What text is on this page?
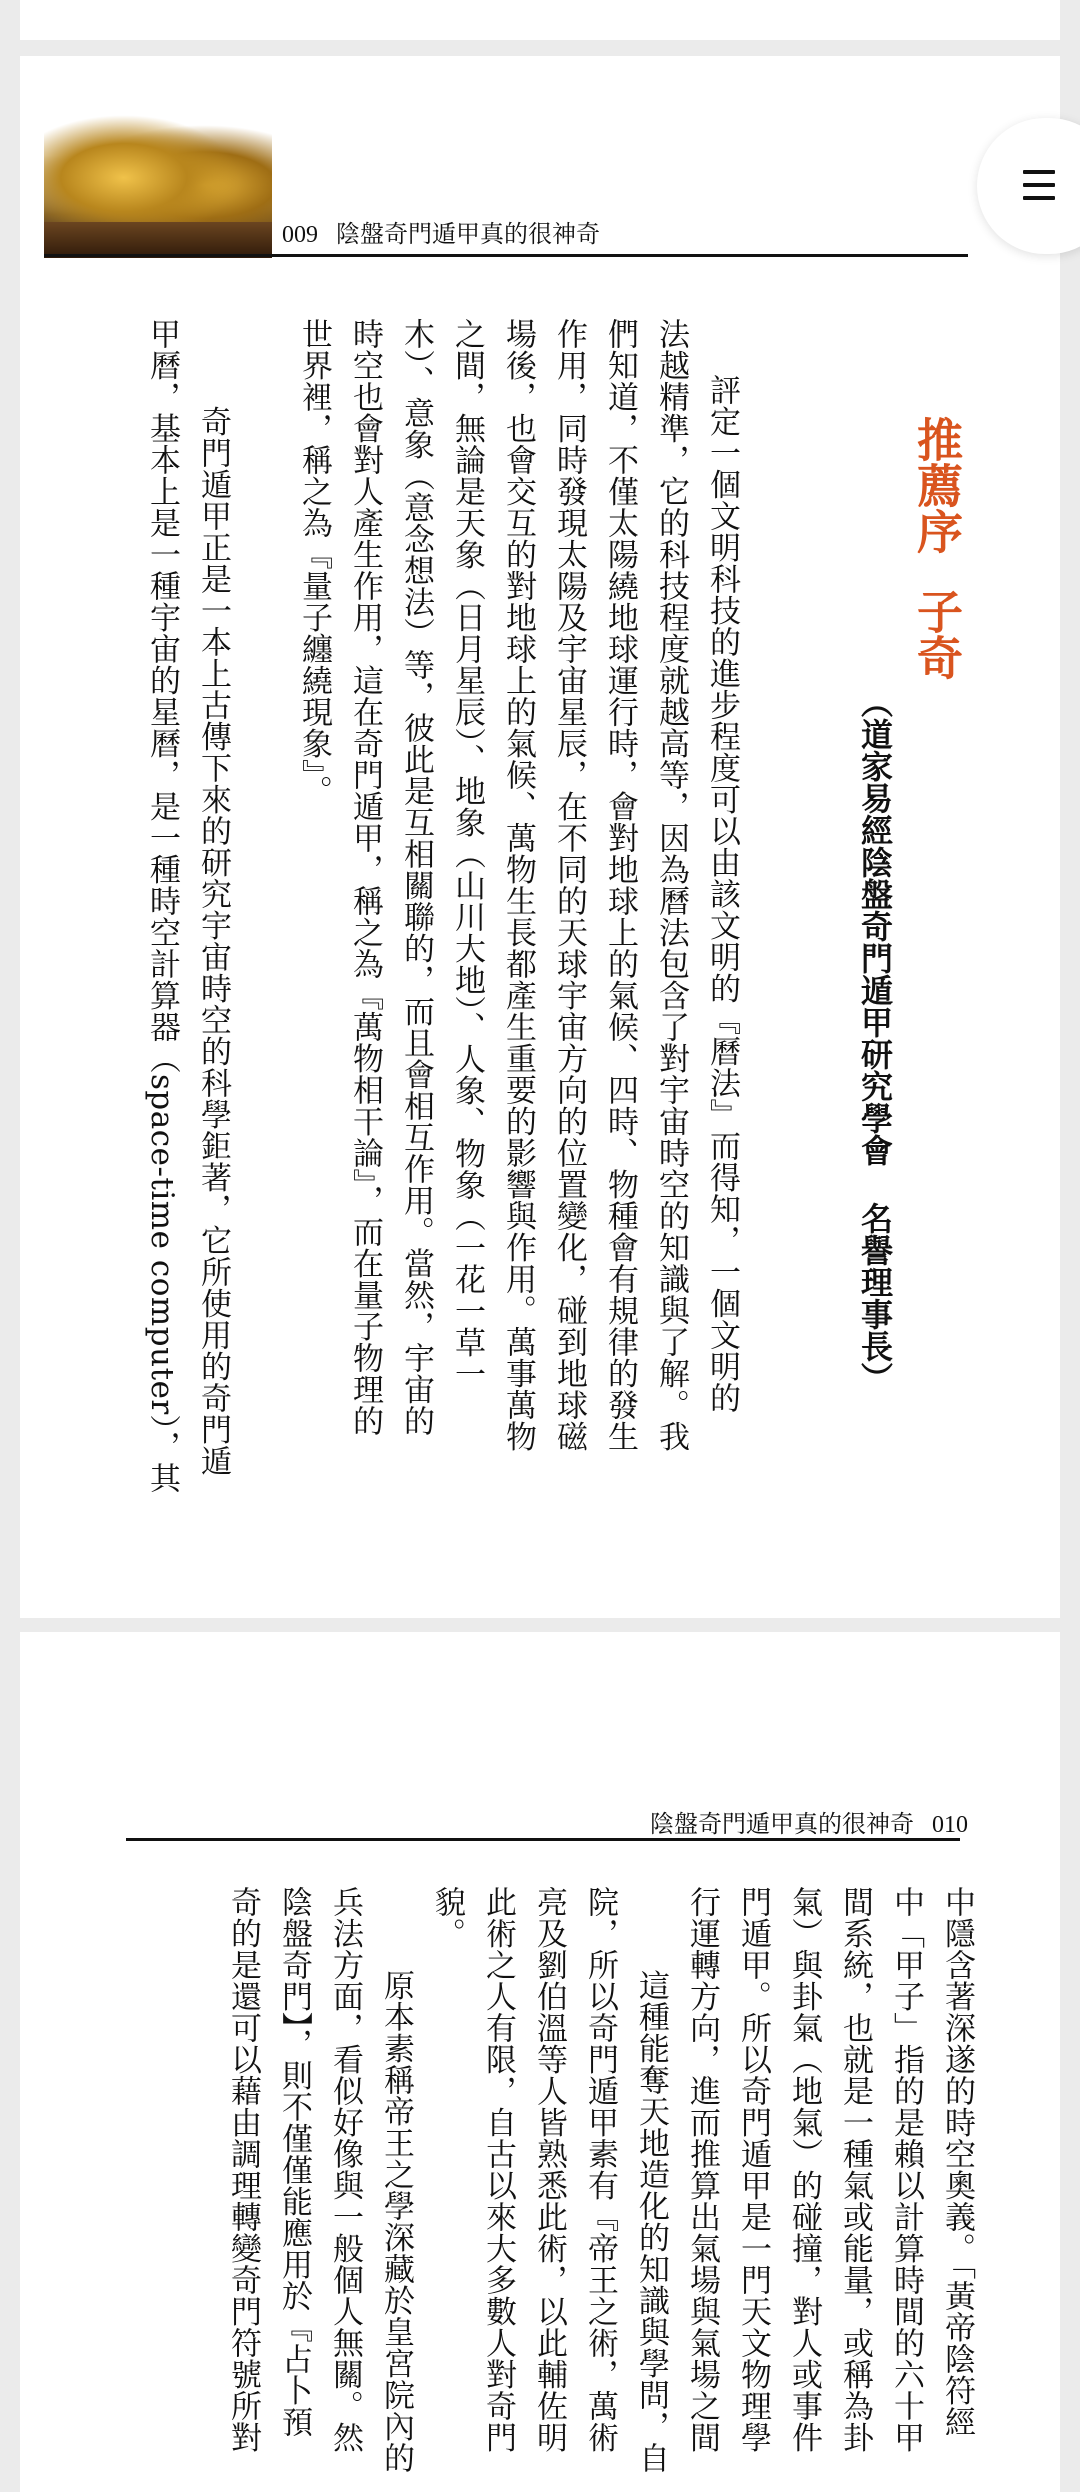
009 陰盤奇門遁甲真的很神奇
推薦序子奇
（道家易經陰盤奇門遁甲研究學會名譽理事長）
評定一個文明科技的進步程度可以由該文明的『曆法』而得知，一個文明的
法越精準，它的科技程度就越高等，因為曆法包含了對宇宙時空的知識與了解。我
們知道，不僅太陽繞地球運行時，會對地球上的氣候、四時、物種會有規律的發生
作用，同時發現太陽及宇宙星辰，在不同的天球宇宙方向的位置變化，碰到地球磁
場後，也會交互的對地球上的氣候、萬物生長都產生重要的影響與作用。萬事萬物
之間，無論是天象（日月星辰）、地象（山川大地）、人象、物象（一花一草一
木）、意象（意念想法）等，彼此是互相關聯的，而且會相互作用。當然，宇宙的
時空也會對人產生作用，這在奇門遁甲，稱之為『萬物相干論』，而在量子物理的
世界裡，稱之為『量子纏繞現象』。
　奇門遁甲正是一本上古傳下來的研究宇宙時空的科學鉅著，它所使用的奇門遁
甲曆，基本上是一種宇宙的星曆，是一種時空計算器（space-time computer），其
陰盤奇門遁甲真的很神奇 010
中隱含著深遂的時空奧義。「黃帝陰符經
中「甲子」指的是賴以計算時間的六十甲
間系統，也就是一種氣或能量，或稱為卦
氣）與卦氣（地氣）的碰撞，對人或事件
門遁甲。所以奇門遁甲是一門天文物理學
行運轉方向，進而推算出氣場與氣場之間
　這種能奪天地造化的知識與學問，自
院，所以奇門遁甲素有『帝王之術，萬術
亮及劉伯溫等人皆熟悉此術，以此輔佐明
此術之人有限，自古以來大多數人對奇門
貌。
　原本素稱帝王之學深藏於皇宮院內的
兵法方面，看似好像與一般個人無關。然
陰盤奇門】，則不僅僅能應用於『占卜預
奇的是還可以藉由調理轉變奇門符號所對
